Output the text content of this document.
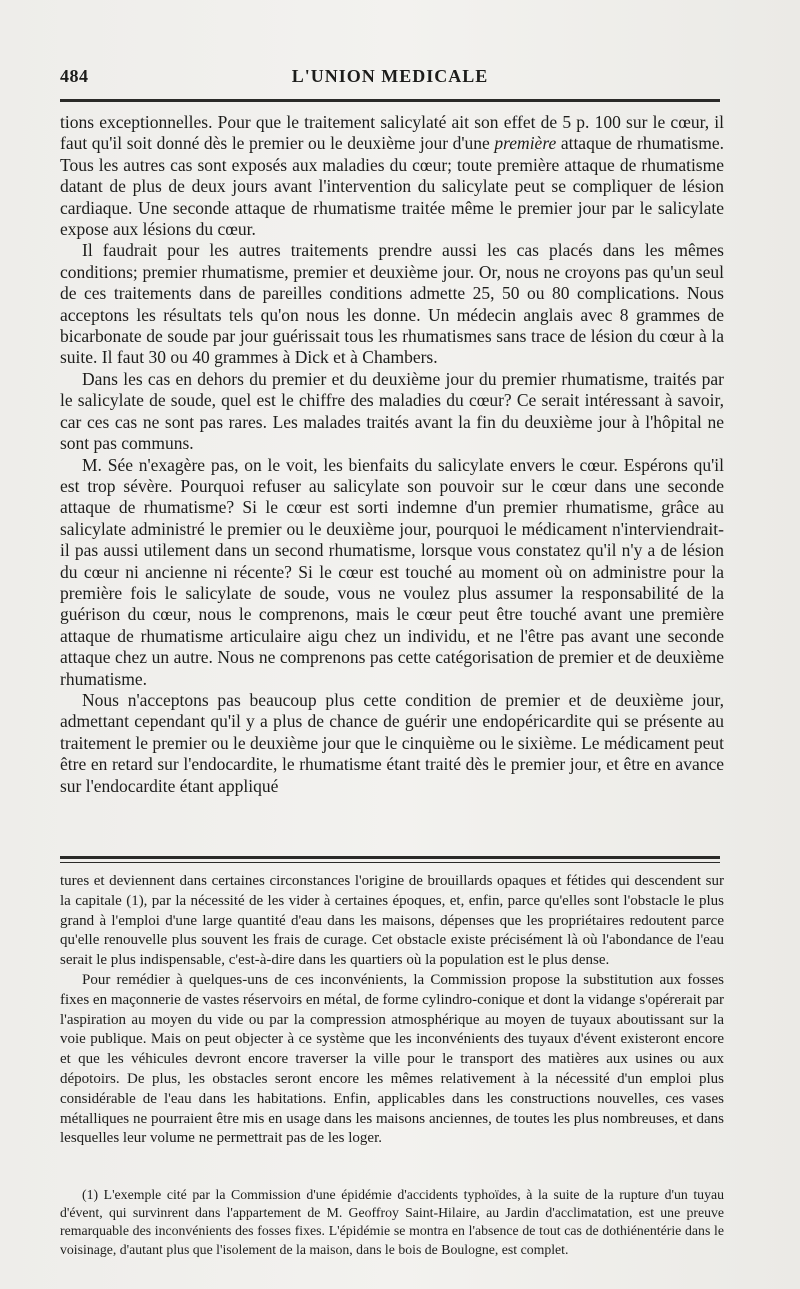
484	L'UNION MEDICALE

tions exceptionnelles. Pour que le traitement salicylaté ait son effet de 5 p. 100 sur le cœur, il faut qu'il soit donné dès le premier ou le deuxième jour d'une première attaque de rhumatisme. Tous les autres cas sont exposés aux maladies du cœur; toute première attaque de rhumatisme datant de plus de deux jours avant l'intervention du salicylate peut se compliquer de lésion cardiaque. Une seconde attaque de rhumatisme traitée même le premier jour par le salicylate expose aux lésions du cœur.

Il faudrait pour les autres traitements prendre aussi les cas placés dans les mêmes conditions; premier rhumatisme, premier et deuxième jour. Or, nous ne croyons pas qu'un seul de ces traitements dans de pareilles conditions admette 25, 50 ou 80 complications. Nous acceptons les résultats tels qu'on nous les donne. Un médecin anglais avec 8 grammes de bicarbonate de soude par jour guérissait tous les rhumatismes sans trace de lésion du cœur à la suite. Il faut 30 ou 40 grammes à Dick et à Chambers.

Dans les cas en dehors du premier et du deuxième jour du premier rhumatisme, traités par le salicylate de soude, quel est le chiffre des maladies du cœur? Ce serait intéressant à savoir, car ces cas ne sont pas rares. Les malades traités avant la fin du deuxième jour à l'hôpital ne sont pas communs.

M. Sée n'exagère pas, on le voit, les bienfaits du salicylate envers le cœur. Espérons qu'il est trop sévère. Pourquoi refuser au salicylate son pouvoir sur le cœur dans une seconde attaque de rhumatisme? Si le cœur est sorti indemne d'un premier rhumatisme, grâce au salicylate administré le premier ou le deuxième jour, pourquoi le médicament n'interviendrait-il pas aussi utilement dans un second rhumatisme, lorsque vous constatez qu'il n'y a de lésion du cœur ni ancienne ni récente? Si le cœur est touché au moment où on administre pour la première fois le salicylate de soude, vous ne voulez plus assumer la responsabilité de la guérison du cœur, nous le comprenons, mais le cœur peut être touché avant une première attaque de rhumatisme articulaire aigu chez un individu, et ne l'être pas avant une seconde attaque chez un autre. Nous ne comprenons pas cette catégorisation de premier et de deuxième rhumatisme.

Nous n'acceptons pas beaucoup plus cette condition de premier et de deuxième jour, admettant cependant qu'il y a plus de chance de guérir une endopéricardite qui se présente au traitement le premier ou le deuxième jour que le cinquième ou le sixième. Le médicament peut être en retard sur l'endocardite, le rhumatisme étant traité dès le premier jour, et être en avance sur l'endocardite étant appliqué

tures et deviennent dans certaines circonstances l'origine de brouillards opaques et fétides qui descendent sur la capitale (1), par la nécessité de les vider à certaines époques, et, enfin, parce qu'elles sont l'obstacle le plus grand à l'emploi d'une large quantité d'eau dans les maisons, dépenses que les propriétaires redoutent parce qu'elle renouvelle plus souvent les frais de curage. Cet obstacle existe précisément là où l'abondance de l'eau serait le plus indispensable, c'est-à-dire dans les quartiers où la population est le plus dense.

Pour remédier à quelques-uns de ces inconvénients, la Commission propose la substitution aux fosses fixes en maçonnerie de vastes réservoirs en métal, de forme cylindro-conique et dont la vidange s'opérerait par l'aspiration au moyen du vide ou par la compression atmosphérique au moyen de tuyaux aboutissant sur la voie publique. Mais on peut objecter à ce système que les inconvénients des tuyaux d'évent existeront encore et que les véhicules devront encore traverser la ville pour le transport des matières aux usines ou aux dépotoirs. De plus, les obstacles seront encore les mêmes relativement à la nécessité d'un emploi plus considérable de l'eau dans les habitations. Enfin, applicables dans les constructions nouvelles, ces vases métalliques ne pourraient être mis en usage dans les maisons anciennes, de toutes les plus nombreuses, et dans lesquelles leur volume ne permettrait pas de les loger.

(1) L'exemple cité par la Commission d'une épidémie d'accidents typhoïdes, à la suite de la rupture d'un tuyau d'évent, qui survinrent dans l'appartement de M. Geoffroy Saint-Hilaire, au Jardin d'acclimatation, est une preuve remarquable des inconvénients des fosses fixes. L'épidémie se montra en l'absence de tout cas de dothiénentérie dans le voisinage, d'autant plus que l'isolement de la maison, dans le bois de Boulogne, est complet.
